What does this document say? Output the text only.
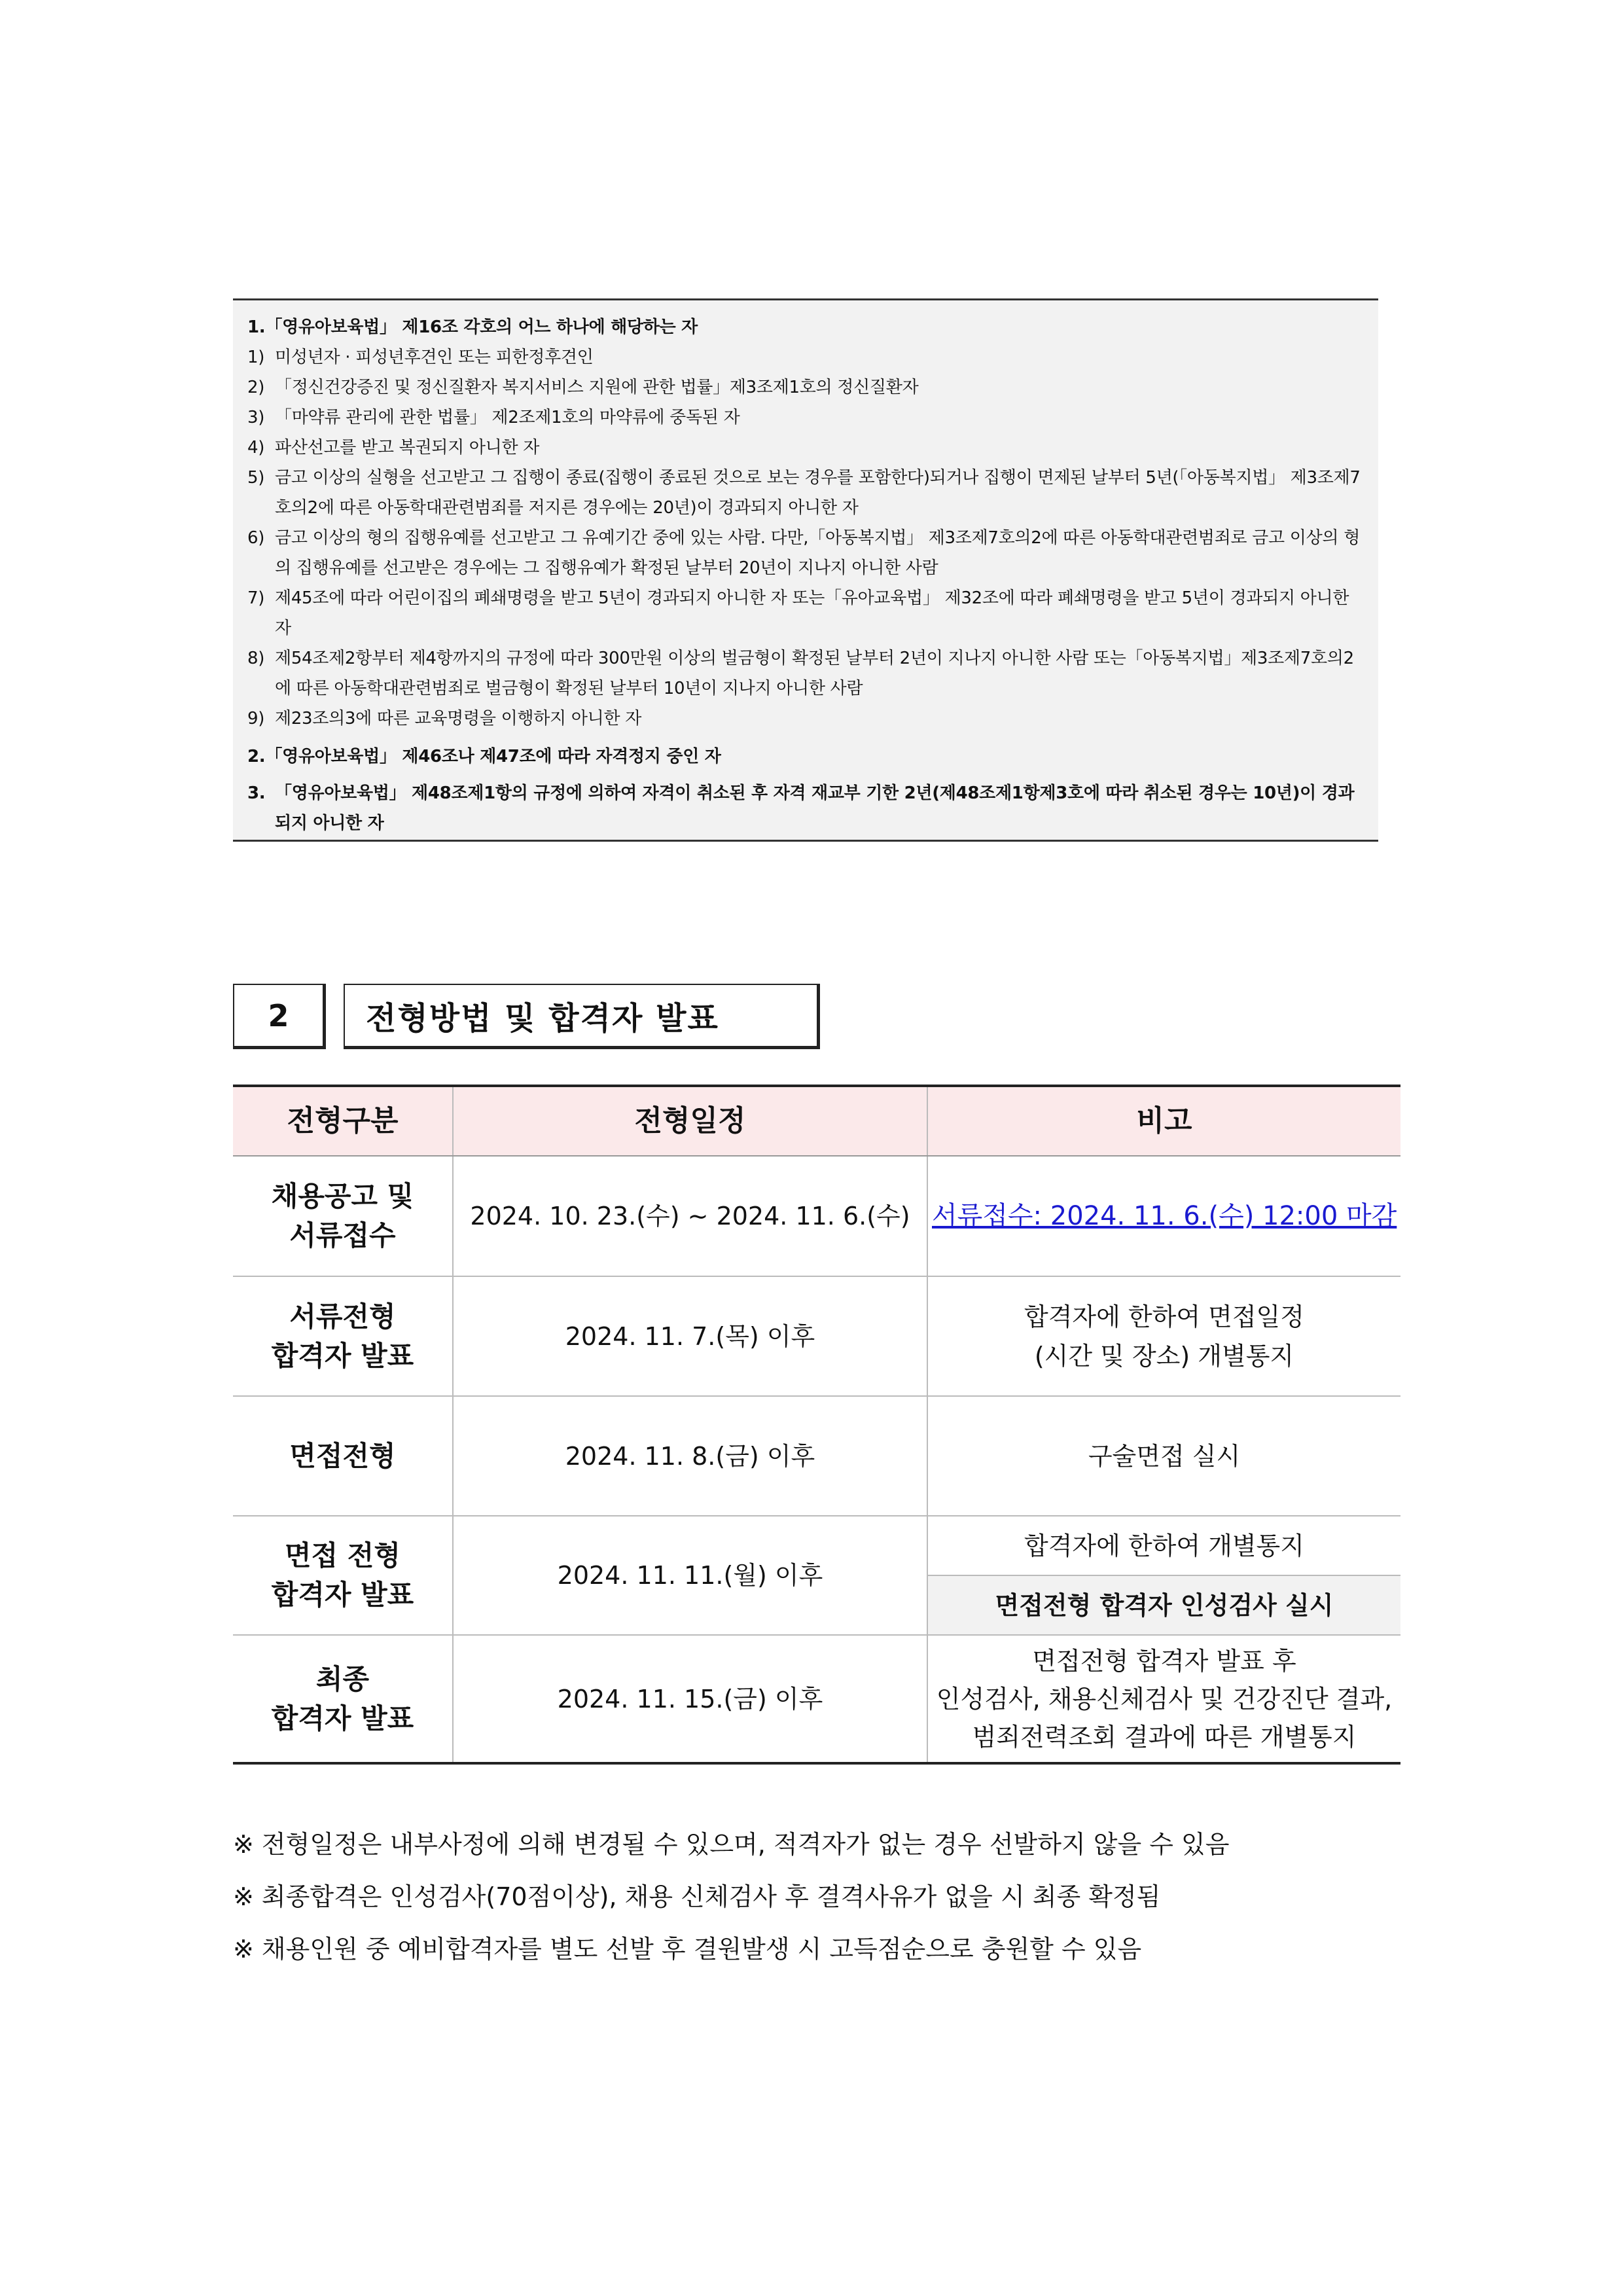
1.「영유아보육법」 제16조 각호의 어느 하나에 해당하는 자
1) 미성년자 · 피성년후견인 또는 피한정후견인
2) 「정신건강증진 및 정신질환자 복지서비스 지원에 관한 법률」제3조제1호의 정신질환자
3) 「마약류 관리에 관한 법률」 제2조제1호의 마약류에 중독된 자
4) 파산선고를 받고 복권되지 아니한 자
5) 금고 이상의 실형을 선고받고 그 집행이 종료(집행이 종료된 것으로 보는 경우를 포함한다)되거나 집행이 면제된 날부터 5년(「아동복지법」 제3조제7호의2에 따른 아동학대관련범죄를 저지른 경우에는 20년)이 경과되지 아니한 자
6) 금고 이상의 형의 집행유예를 선고받고 그 유예기간 중에 있는 사람. 다만,「아동복지법」 제3조제7호의2에 따른 아동학대관련범죄로 금고 이상의 형의 집행유예를 선고받은 경우에는 그 집행유예가 확정된 날부터 20년이 지나지 아니한 사람
7) 제45조에 따라 어린이집의 폐쇄명령을 받고 5년이 경과되지 아니한 자 또는「유아교육법」 제32조에 따라 폐쇄명령을 받고 5년이 경과되지 아니한 자
8) 제54조제2항부터 제4항까지의 규정에 따라 300만원 이상의 벌금형이 확정된 날부터 2년이 지나지 아니한 사람 또는「아동복지법」제3조제7호의2에 따른 아동학대관련범죄로 벌금형이 확정된 날부터 10년이 지나지 아니한 사람
9) 제23조의3에 따른 교육명령을 이행하지 아니한 자
2.「영유아보육법」 제46조나 제47조에 따라 자격정지 중인 자
3. 「영유아보육법」 제48조제1항의 규정에 의하여 자격이 취소된 후 자격 재교부 기한 2년(제48조제1항제3호에 따라 취소된 경우는 10년)이 경과되지 아니한 자
2	전형방법 및 합격자 발표
전형구분	전형일정	비고

채용공고 및
서류접수	2024. 10. 23.(수) ~ 2024. 11. 6.(수)	서류접수: 2024. 11. 6.(수) 12:00 마감

서류전형
합격자 발표	2024. 11. 7.(목) 이후	합격자에 한하여 면접일정
(시간 및 장소) 개별통지

면접전형	2024. 11. 8.(금) 이후	구술면접 실시

면접 전형
합격자 발표	2024. 11. 11.(월) 이후	합격자에 한하여 개별통지
		면접전형 합격자 인성검사 실시

최종
합격자 발표	2024. 11. 15.(금) 이후	면접전형 합격자 발표 후
인성검사, 채용신체검사 및 건강진단 결과,
범죄전력조회 결과에 따른 개별통지
※ 전형일정은 내부사정에 의해 변경될 수 있으며, 적격자가 없는 경우 선발하지 않을 수 있음
※ 최종합격은 인성검사(70점이상), 채용 신체검사 후 결격사유가 없을 시 최종 확정됨
※ 채용인원 중 예비합격자를 별도 선발 후 결원발생 시 고득점순으로 충원할 수 있음
